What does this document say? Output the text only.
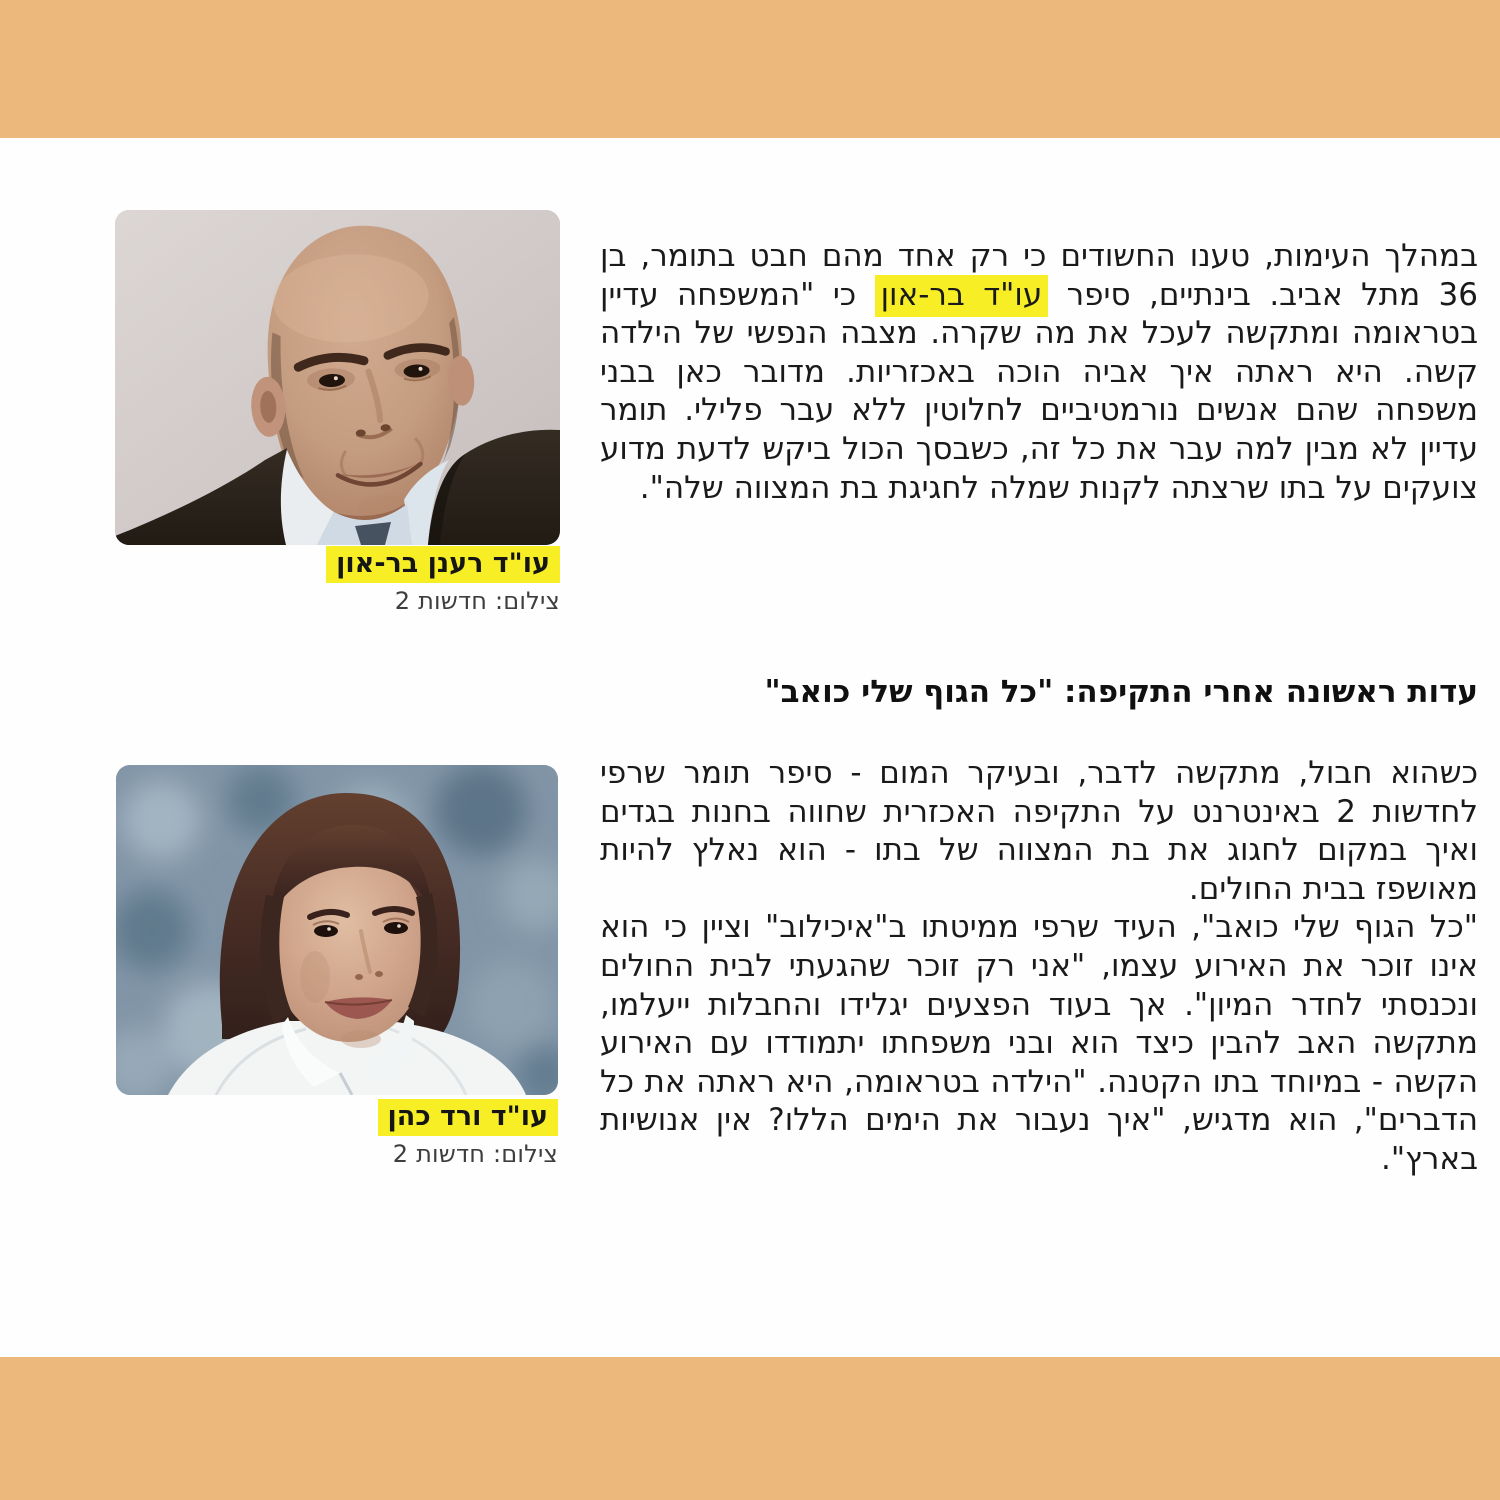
עו"ד רענן בר-און
צילום: חדשות 2

במהלך העימות, טענו החשודים כי רק אחד מהם חבט בתומר, בן 36 מתל אביב. בינתיים, סיפר עו"ד בר-און כי "המשפחה עדיין בטראומה ומתקשה לעכל את מה שקרה. מצבה הנפשי של הילדה קשה. היא ראתה איך אביה הוכה באכזריות. מדובר כאן בבני משפחה שהם אנשים נורמטיביים לחלוטין ללא עבר פלילי. תומר עדיין לא מבין למה עבר את כל זה, כשבסך הכול ביקש לדעת מדוע צועקים על בתו שרצתה לקנות שמלה לחגיגת בת המצווה שלה".

עדות ראשונה אחרי התקיפה: "כל הגוף שלי כואב"

כשהוא חבול, מתקשה לדבר, ובעיקר המום - סיפר תומר שרפי לחדשות 2 באינטרנט על התקיפה האכזרית שחווה בחנות בגדים ואיך במקום לחגוג את בת המצווה של בתו - הוא נאלץ להיות מאושפז בבית החולים.

"כל הגוף שלי כואב", העיד שרפי ממיטתו ב"איכילוב" וציין כי הוא אינו זוכר את האירוע עצמו, "אני רק זוכר שהגעתי לבית החולים ונכנסתי לחדר המיון". אך בעוד הפצעים יגלידו והחבלות ייעלמו, מתקשה האב להבין כיצד הוא ובני משפחתו יתמודדו עם האירוע הקשה - במיוחד בתו הקטנה. "הילדה בטראומה, היא ראתה את כל הדברים", הוא מדגיש, "איך נעבור את הימים הללו? אין אנושיות בארץ".

עו"ד ורד כהן
צילום: חדשות 2
